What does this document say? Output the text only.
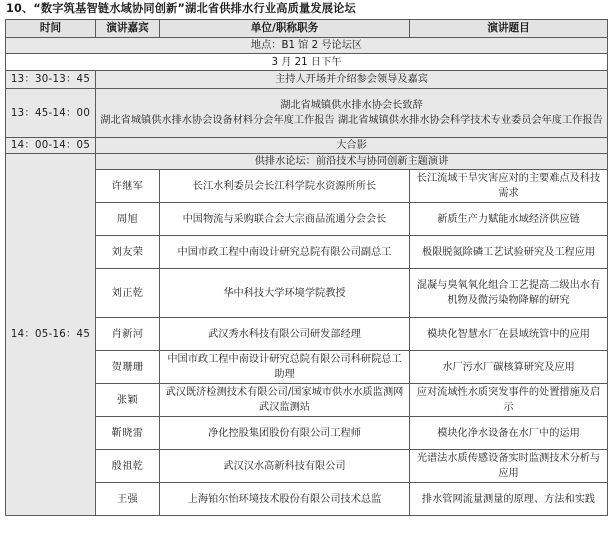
10、“数字筑基智链水域协同创新”湖北省供排水行业高质量发展论坛
时间	演讲嘉宾	单位/职称职务	演讲题目
地点：B1 馆 2 号论坛区			
3 月 21 日下午			
13：30-13：45	主持人开场并介绍参会领导及嘉宾		
13：45-14：00	湖北省城镇供水排水协会长致辞
湖北省城镇供水排水协会设备材料分会年度工作报告 湖北省城镇供水排水协会科学技术专业委员会年度工作报告		

14：00-14：05	大合影		
14：05-16：45	供排水论坛：前沿技术与协同创新主题演讲		
	许继军	长江水利委员会长江科学院水资源所所长	长江流域干旱灾害应对的主要难点及科技需求
	周旭	中国物流与采购联合会大宗商品流通分会会长	新质生产力赋能水域经济供应链
	刘友荣	中国市政工程中南设计研究总院有限公司副总工	极限脱氮除磷工艺试验研究及工程应用
	刘正乾	华中科技大学环境学院教授	混凝与臭氧氧化组合工艺提高二级出水有机物及微污染物降解的研究
	肖新河	武汉秀水科技有限公司研发部经理	模块化智慧水厂在县域统管中的应用
	贺珊珊	中国市政工程中南设计研究总院有限公司科研院总工助理	水厂污水厂碳核算研究及应用
	张颖	武汉既济检测技术有限公司/国家城市供水水质监测网武汉监测站	应对流域性水质突发事件的处置措施及启示
	靳晓雷	净化控股集团股份有限公司工程师	模块化净水设备在水厂中的运用
	殷祖乾	武汉汉水高新科技有限公司	光谱法水质传感设备实时监测技术分析与应用
	王强	上海铂尔怡环境技术股份有限公司技术总监	排水管网流量测量的原理、方法和实践
